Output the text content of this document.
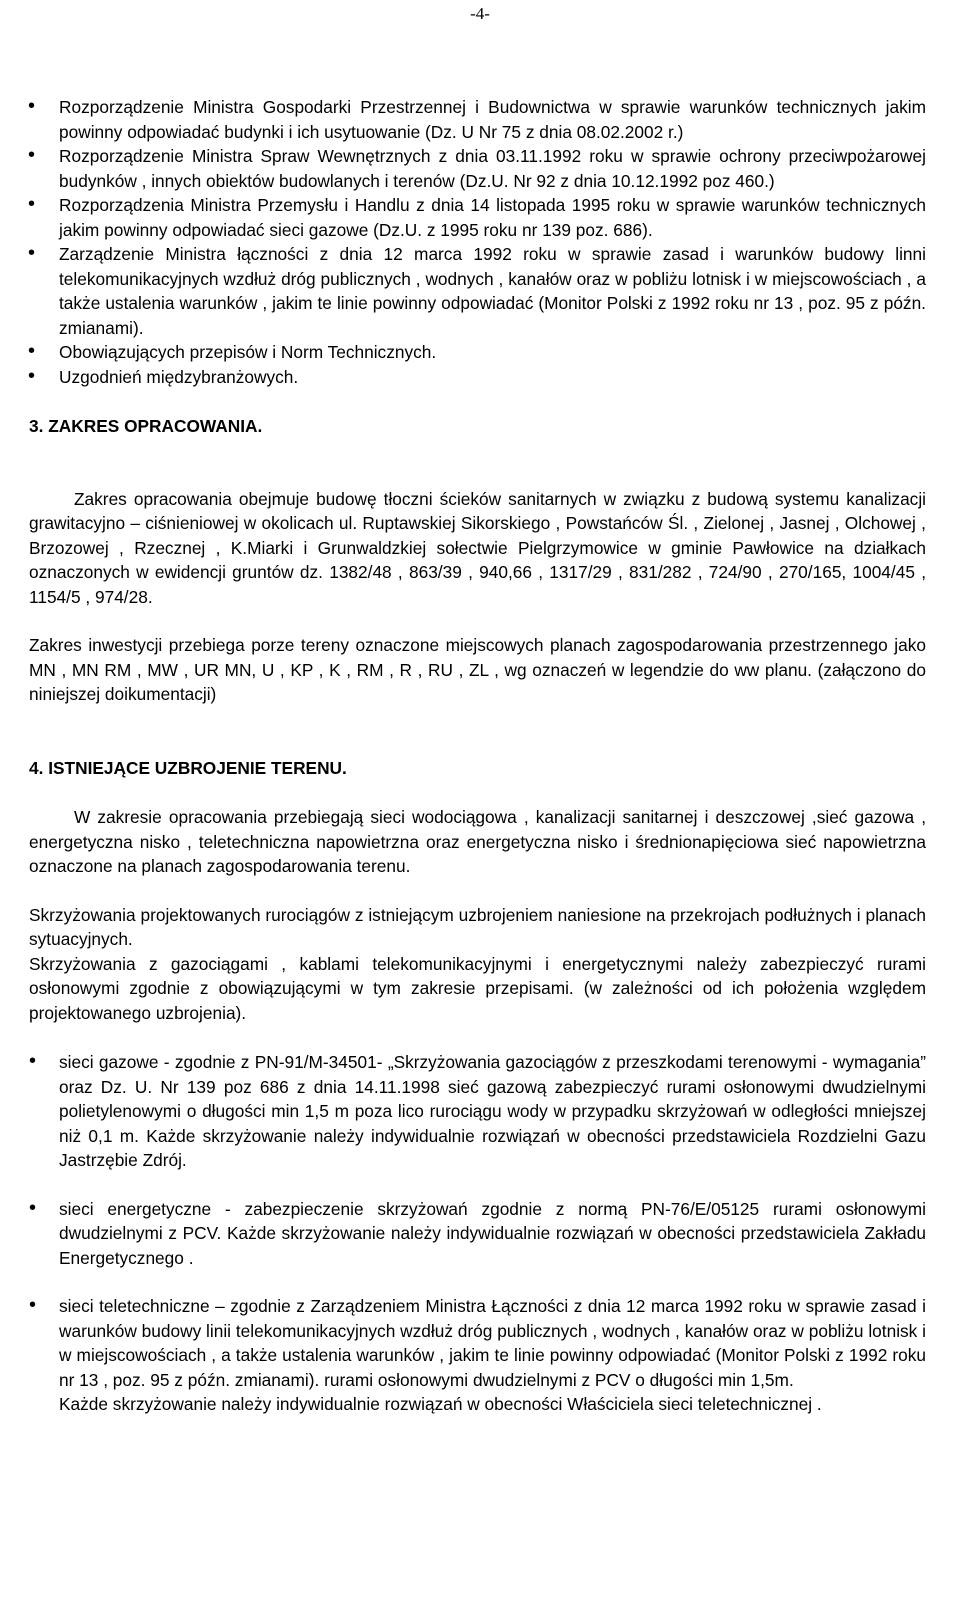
-4-
• Rozporządzenie Ministra Gospodarki Przestrzennej i Budownictwa w sprawie warunków technicznych jakim powinny odpowiadać budynki i ich usytuowanie (Dz. U Nr 75 z dnia 08.02.2002 r.)
• Rozporządzenie Ministra Spraw Wewnętrznych z dnia 03.11.1992 roku w sprawie ochrony przeciwpożarowej budynków , innych obiektów budowlanych i terenów (Dz.U. Nr 92 z dnia 10.12.1992 poz 460.)
• Rozporządzenia Ministra Przemysłu i Handlu z dnia 14 listopada 1995 roku w sprawie warunków technicznych jakim powinny odpowiadać sieci gazowe (Dz.U. z 1995 roku nr 139 poz. 686).
• Zarządzenie Ministra łączności z dnia 12 marca 1992 roku w sprawie zasad i warunków budowy linni telekomunikacyjnych wzdłuż dróg publicznych , wodnych , kanałów oraz w pobliżu lotnisk i w miejscowościach , a także ustalenia warunków , jakim te linie powinny odpowiadać (Monitor Polski z 1992 roku nr 13 , poz. 95 z późn. zmianami).
• Obowiązujących przepisów i Norm Technicznych.
• Uzgodnień międzybranżowych.
3. ZAKRES OPRACOWANIA.

Zakres opracowania obejmuje budowę tłoczni ścieków sanitarnych w związku z budową systemu kanalizacji grawitacyjno – ciśnieniowej w okolicach ul. Ruptawskiej Sikorskiego , Powstańców Śl. , Zielonej , Jasnej , Olchowej , Brzozowej , Rzecznej , K.Miarki i Grunwaldzkiej sołectwie Pielgrzymowice w gminie Pawłowice na działkach oznaczonych w ewidencji gruntów dz. 1382/48 , 863/39 , 940,66 , 1317/29 , 831/282 , 724/90 , 270/165, 1004/45 , 1154/5 , 974/28.

Zakres inwestycji przebiega porze tereny oznaczone miejscowych planach zagospodarowania przestrzennego jako MN , MN RM , MW , UR MN, U , KP , K , RM , R , RU , ZL , wg oznaczeń w legendzie do ww planu. (załączono do niniejszej doikumentacji)

4. ISTNIEJĄCE UZBROJENIE TERENU.

W zakresie opracowania przebiegają sieci wodociągowa , kanalizacji sanitarnej i deszczowej ,sieć gazowa , energetyczna nisko , teletechniczna napowietrzna oraz energetyczna nisko i średnionapięciowa sieć napowietrzna oznaczone na planach zagospodarowania terenu.

Skrzyżowania projektowanych rurociągów z istniejącym uzbrojeniem naniesione na przekrojach podłużnych i planach sytuacyjnych.

Skrzyżowania z gazociągami , kablami telekomunikacyjnymi i energetycznymi należy zabezpieczyć rurami osłonowymi zgodnie z obowiązującymi w tym zakresie przepisami. (w zależności od ich położenia względem projektowanego uzbrojenia).

• sieci gazowe - zgodnie z PN-91/M-34501- „Skrzyżowania gazociągów z przeszkodami terenowymi - wymagania” oraz Dz. U. Nr 139 poz 686 z dnia 14.11.1998 sieć gazową zabezpieczyć rurami osłonowymi dwudzielnymi polietylenowymi o długości min 1,5 m poza lico rurociągu wody w przypadku skrzyżowań w odległości mniejszej niż 0,1 m. Każde skrzyżowanie należy indywidualnie rozwiązań w obecności przedstawiciela Rozdzielni Gazu Jastrzębie Zdrój.
• sieci energetyczne - zabezpieczenie skrzyżowań zgodnie z normą PN-76/E/05125 rurami osłonowymi dwudzielnymi z PCV. Każde skrzyżowanie należy indywidualnie rozwiązań w obecności przedstawiciela Zakładu Energetycznego .
• sieci teletechniczne – zgodnie z Zarządzeniem Ministra Łączności z dnia 12 marca 1992 roku w sprawie zasad i warunków budowy linii telekomunikacyjnych wzdłuż dróg publicznych , wodnych , kanałów oraz w pobliżu lotnisk i w miejscowościach , a także ustalenia warunków , jakim te linie powinny odpowiadać (Monitor Polski z 1992 roku nr 13 , poz. 95 z późn. zmianami). rurami osłonowymi dwudzielnymi z PCV o długości min 1,5m.
Każde skrzyżowanie należy indywidualnie rozwiązań w obecności Właściciela sieci teletechnicznej .
